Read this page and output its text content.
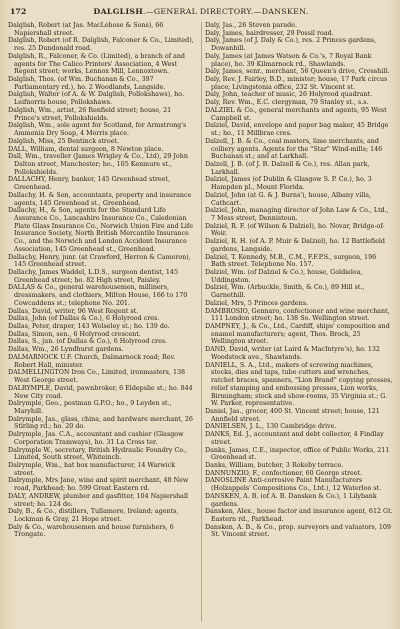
172	DALGLISH.—GENERAL DIRECTORY.—DANSKEN.

Dalglish, Robert (at Jas. MacLehose & Sons), 66 Napiershall street.

Dalglish, Robert (of R. Dalglish, Falconer & Co., Limited), res. 25 Dundonald road.

Dalglish, R., Falconer, & Co. (Limited), a branch of and agents for The Calico Printers' Association, 4 West Regent street; works, Lennox Mill, Lennoxtown.

Dalglish, Thos. (of Wm. Buchanan & Co., 397 Parliamentary rd.), ho. 2 Woodlands, Langside.

Dalglish, Walter (of A. & W. Dalglish, Pollokshaws), ho. Leifnorris house, Pollokshaws.

Dalglish, Wm., artist, 26 Renfield street; house, 21 Prince's street, Pollokshields.

Dalglish, Wm., sole agent for Scotland, for Armstrong's Ammonia Dry Soap, 4 Morris place.

Dalglish, Miss, 25 Bentinck street.

DALL, William, dental surgeon, 8 Newton place.

Dall, Wm., traveller (James Wrigley & Co., Ltd), 29 John Dalton street, Manchester; ho., 105 Kenmure st., Pollokshields.

DALLACHY, Henry, banker, 145 Greenhead street, Greenhead.

Dallachy, H. & Son, accountants, property and insurance agents, 145 Greenhead st., Greenhead.

Dallachy, H., & Son, agents for the Standard Life Assurance Co., Lancashire Insurance Co., Caledonian Plate Glass Insurance Co., Norwich Union Fire and Life Insurance Society, North British Mercantile Insurance Co., and the Norwich and London Accident Insurance Association, 145 Greenhead st., Greenhead.

Dallachy, Henry, junr. (at Crawford, Herron & Cameron), 145 Greenhead street.

Dallachy, James Waddel, L.D.S., surgeon dentist, 145 Greenhead street; ho. 82 High street, Paisley.

DALLAS & Co., general warehousemen, milliners, dressmakers, and clothiers, Milton House, 166 to 170 Cowcaddens st.; telephone No. 201.

Dallas, David, writer, 96 West Regent st.

Dallas, John (of Dallas & Co.), 6 Holyrood cres.

Dallas, Peter, draper, 143 Wolseley st.; ho. 139 do.

Dallas, Simon, sen., 6 Holyrood crescent.

Dallas, S., jun. (of Dallas & Co.), 6 Holyrood cres.

Dallas, Wm., 26 Lyndhurst gardens.

DALMARNOCK U.F. Church, Dalmarnock road; Rev. Robert Hall, minister.

DALMELLINGTON Iron Co., Limited, ironmasters, 138 West George street.

DALRYMPLE, David, pawnbroker, 6 Eldерslie st.; ho. 844 New City road.

Dalrymple, Geo., postman G.P.O.; ho., 9 Leyden st., Maryhill.

Dalrymple, Jas., glass, china, and hardware merchant, 26 Stirling rd.; ho. 20 do.

Dalrymple, Jas. C.A., accountant and cashier (Glasgow Corporation Tramways), ho. 31 La Cross ter.

Dalrymple W., secretary, British Hydraulic Foundry Co., Limited, South street, Whiteinch.

Dalrymple, Wm., hat box manufacturer, 14 Warwick street.

Dalrymple, Mrs Jane, wine and spirit merchant, 48 New road, Parkhead; ho. 599 Great Eastern rd.

DALY, ANDREW, plumber and gasfitter, 104 Napiershall street; ho. 124 do.

Daly, B., & Co., distillers, Tullamore, Ireland; agents, Lockman & Gray, 21 Hope street.

Daly & Co., warehousemen and house furnishers, 6 Trongate.

Daly, Jas., 26 Steven parade.

Daly, James, hairdresser, 29 Possil road.

Daly, James (of J. Daly & Co.), res. 2 Princes gardens, Dowanhill.

Daly, James (at James Watson & Co.'s, 7 Royal Bank place), ho. 39 Kilmarnock rd., Shawlands.

Daly, James, senr., merchant, 56 Queen's drive, Crosshill.

Daly, Rev. J. Fairley, B.D., minister; house, 17 Park circus place; Livingstonia office, 232 St. Vincent st.

Daly, John, teacher of music, 26 Holyrood quadrant.

Daly, Rev. Wm., E.C. clergyman, 79 Stanley st., s.s.

DALZIEL & Co., general merchants and agents, 95 West Campbell st.

Dalziel, David, envelope and paper bag maker, 45 Bridge st.; ho., 11 Millbrae cres.

Dalzell, J. B. & Co., coal masters, lime merchants, and colliery agents. Agents for the "Star" Wind-mills; 146 Buchanan st.; and at Larkhall.

Dalzell, J. B. (of J. B. Dalzell & Co.), res. Allan park, Larkhall.

Dalziel, James (of Dublin & Glasgow S. P. Co.), ho. 3 Hampden pl., Mount Florida.

Dalziel, John (at G. & J. Burns'), house, Albany villa, Cathcart.

Dalziel, John, managing director of John Law & Co., Ltd., 7 Moss street, Dennistoun.

Dalziel, R. F. (of Wilson & Dalziel), ho. Novar, Bridge-of-Weir.

Dalziel, R. H. (of A. P. Muir & Dalziel), ho. 12 Battlefield gardens, Langside.

Dalziel, T. Kennedy, M.B., C.M., F.F.P.S., surgeon, 196 Bath street. Telephone No. 157.

Dalziel, Wm. (of Dalziel & Co.), house, Goldielea, Uddingston.

Dalziel, Wm. (Arbuckle, Smith, & Co.), 89 Hill st., Garnethill.

Dalziel, Mrs, 5 Princes gardens.

DAMBROSIO, Gennaro, confectioner and wine merchant, 111 London street; ho. 138 So. Wellington street.

DAMPNEY, J., & Co., Ltd., Cardiff, ships' composition and enamel manufacturers; agent, Thos. Brock, 25 Wellington street.

DAND, David, writer (at Laird & MacIntyre's), ho. 132 Woodstock ave., Shawlands.

DANIELL, S. A., Ltd., makers of screwing machines, stocks, dies and taps, tube cutters and wrenches, ratchet braces, spanners, "Lion Brand" copying presses, relief stamping and embossing presses, Lion works, Birmingham; stock and show-rooms, 35 Virginia st.; G. W. Parker, representative.

Daniel, Jas., grocer, 400 St. Vincent street; house, 121 Annfield street.

DANIELSEN, J. L., 130 Cambridge drive.

DANKS, Ed. J., accountant and debt collector, 4 Findlay street.

Danks, James, C.E., inspector, office of Public Works, 211 Greenhead st.

Danks, William, butcher, 3 Rokeby terrace.

DANNUNZIO, F., confectioner, 60 George street.

DANOSLINE Anti-corrosive Paint Manufacturers (Holzappels' Compositions Co., Ltd.), 12 Waterloo st.

DANSKEN, A. B. (of A. B. Dansken & Co.), 1 Lilybank gardens.

Dansken, Alex., house factor and insurance agent, 612 Gt. Eastern rd., Parkhead.

Dansken, A. B., & Co., prop. surveyors and valuators, 109 St. Vincent street.
